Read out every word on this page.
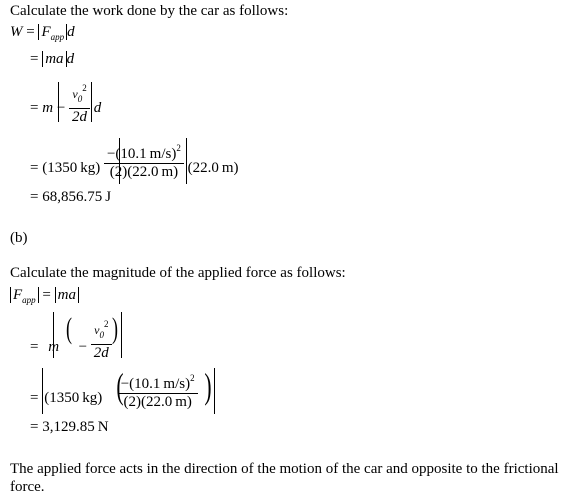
Calculate the work done by the car as follows:
$W = F_{app}$ d
= ma d
= $m - \frac{v_0^2}{2d}$ d
= (1350 $kg) \frac{-(10.1 m/s)^2}{(2)(22.0 m)} (22.0$ m)
= 68,856.75 J
(b)
Calculate the magnitude of the applied force as follows:
$F_{app}$ = ma
= $m - \frac{v_0^2}{2d}$
( )
= (1350 $kg) \frac{-(10.1 m/s)^2}{(2)(22.0 m)}$
( )
= 3,129.85 N
The applied force acts in the direction of the motion of the car and opposite to the frictional force.
